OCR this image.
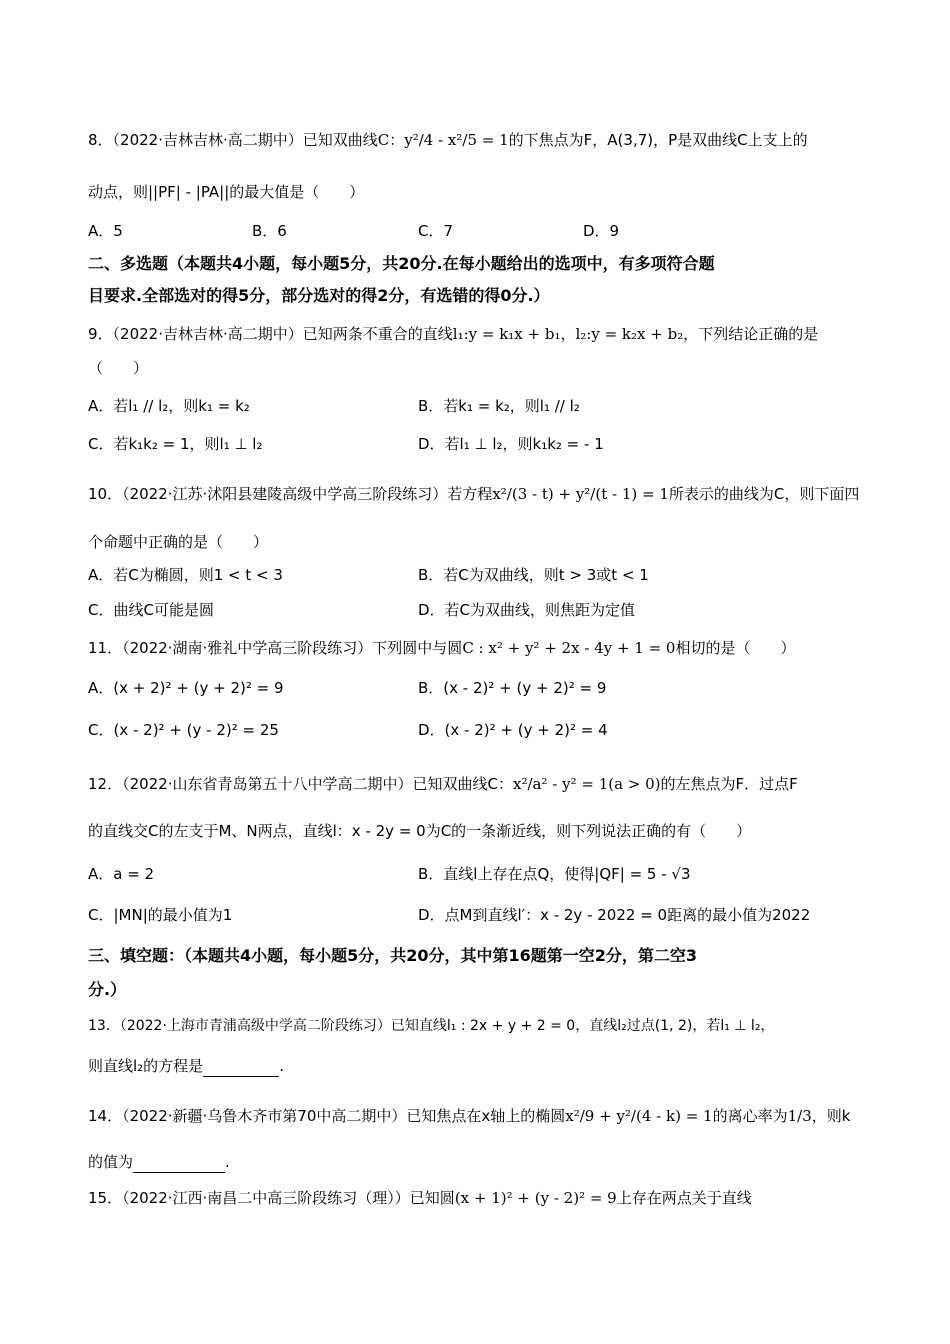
8．（2022·吉林吉林·高二期中）已知双曲线C：y²/4 - x²/5 = 1的下焦点为F，A(3,7)，P是双曲线C上支上的
动点，则||PF| - |PA||的最大值是（　　）
A．5	B．6	C．7	D．9
二、多选题（本题共4小题，每小题5分，共20分.在每小题给出的选项中，有多项符合题
目要求.全部选对的得5分，部分选对的得2分，有选错的得0分.）
9．（2022·吉林吉林·高二期中）已知两条不重合的直线l₁:y = k₁x + b₁，l₂:y = k₂x + b₂，下列结论正确的是
（　　）
A．若l₁ // l₂，则k₁ = k₂	B．若k₁ = k₂，则l₁ // l₂
C．若k₁k₂ = 1，则l₁ ⊥ l₂	D．若l₁ ⊥ l₂，则k₁k₂ = - 1
10．（2022·江苏·沭阳县建陵高级中学高三阶段练习）若方程x²/(3 - t) + y²/(t - 1) = 1所表示的曲线为C，则下面四
个命题中正确的是（　　）
A．若C为椭圆，则1 < t < 3	B．若C为双曲线，则t > 3或t < 1
C．曲线C可能是圆	D．若C为双曲线，则焦距为定值
11．（2022·湖南·雅礼中学高三阶段练习）下列圆中与圆C : x² + y² + 2x - 4y + 1 = 0相切的是（　　）
A．(x + 2)² + (y + 2)² = 9	B．(x - 2)² + (y + 2)² = 9
C．(x - 2)² + (y - 2)² = 25	D．(x - 2)² + (y + 2)² = 4
12．（2022·山东省青岛第五十八中学高二期中）已知双曲线C：x²/a² - y² = 1(a > 0)的左焦点为F．过点F
的直线交C的左支于M、N两点，直线l：x - 2y = 0为C的一条渐近线，则下列说法正确的有（　　）
A．a = 2	B．直线l上存在点Q，使得|QF| = 5 - √3
C．|MN|的最小值为1	D．点M到直线l′：x - 2y - 2022 = 0距离的最小值为2022
三、填空题：（本题共4小题，每小题5分，共20分，其中第16题第一空2分，第二空3
分.）
13．（2022·上海市青浦高级中学高二阶段练习）已知直线l₁ : 2x + y + 2 = 0，直线l₂过点(1, 2)，若l₁ ⊥ l₂，
则直线l₂的方程是	.
14．（2022·新疆·乌鲁木齐市第70中高二期中）已知焦点在x轴上的椭圆x²/9 + y²/(4 - k) = 1的离心率为1/3，则k
的值为	.
15．（2022·江西·南昌二中高三阶段练习（理））已知圆(x + 1)² + (y - 2)² = 9上存在两点关于直线
